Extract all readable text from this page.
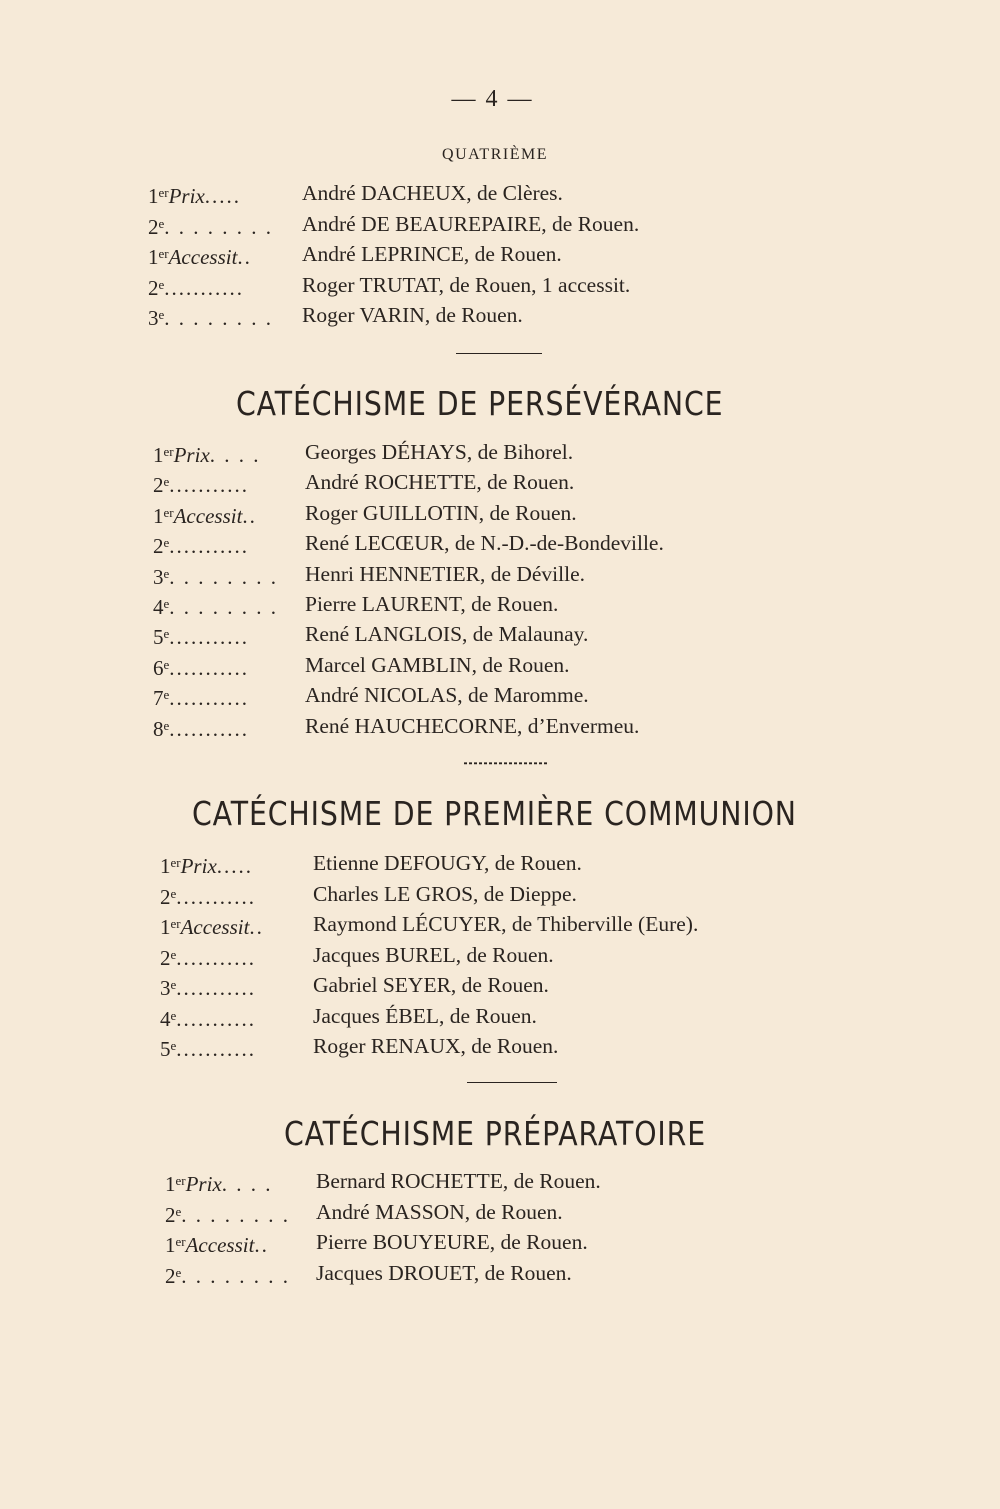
— 4 —
QUATRIÈME
1erPrix.....	André DACHEUX, de Clères.
2e. . . . . . . . André DE BEAUREPAIRE, de Rouen.
1erAccessit.. André LEPRINCE, de Rouen.
2e...........	Roger TRUTAT, de Rouen, 1 accessit.
3e. . . . . . . . Roger VARIN, de Rouen.
CATÉCHISME DE PERSÉVÉRANCE
1erPrix. . . . Georges DÉHAYS, de Bihorel.
2e...........	André ROCHETTE, de Rouen.
1erAccessit.. Roger GUILLOTIN, de Rouen.
2e...........	René LECŒUR, de N.-D.-de-Bondeville.
3e. . . . . . . . Henri HENNETIER, de Déville.
4e. . . . . . . . Pierre LAURENT, de Rouen.
5e...........	René LANGLOIS, de Malaunay.
6e...........	Marcel GAMBLIN, de Rouen.
7e...........	André NICOLAS, de Maromme.
8e...........	René HAUCHECORNE, d’Envermeu.
CATÉCHISME DE PREMIÈRE COMMUNION
1erPrix.....	Etienne DEFOUGY, de Rouen.
2e...........	Charles LE GROS, de Dieppe.
1erAccessit.. Raymond LÉCUYER, de Thiberville (Eure).
2e...........	Jacques BUREL, de Rouen.
3e...........	Gabriel SEYER, de Rouen.
4e...........	Jacques ÉBEL, de Rouen.
5e...........	Roger RENAUX, de Rouen.
CATÉCHISME PRÉPARATOIRE
1erPrix. . . . Bernard ROCHETTE, de Rouen.
2e. . . . . . . . André MASSON, de Rouen.
1erAccessit.. Pierre BOUYEURE, de Rouen.
2e. . . . . . . . Jacques DROUET, de Rouen.
